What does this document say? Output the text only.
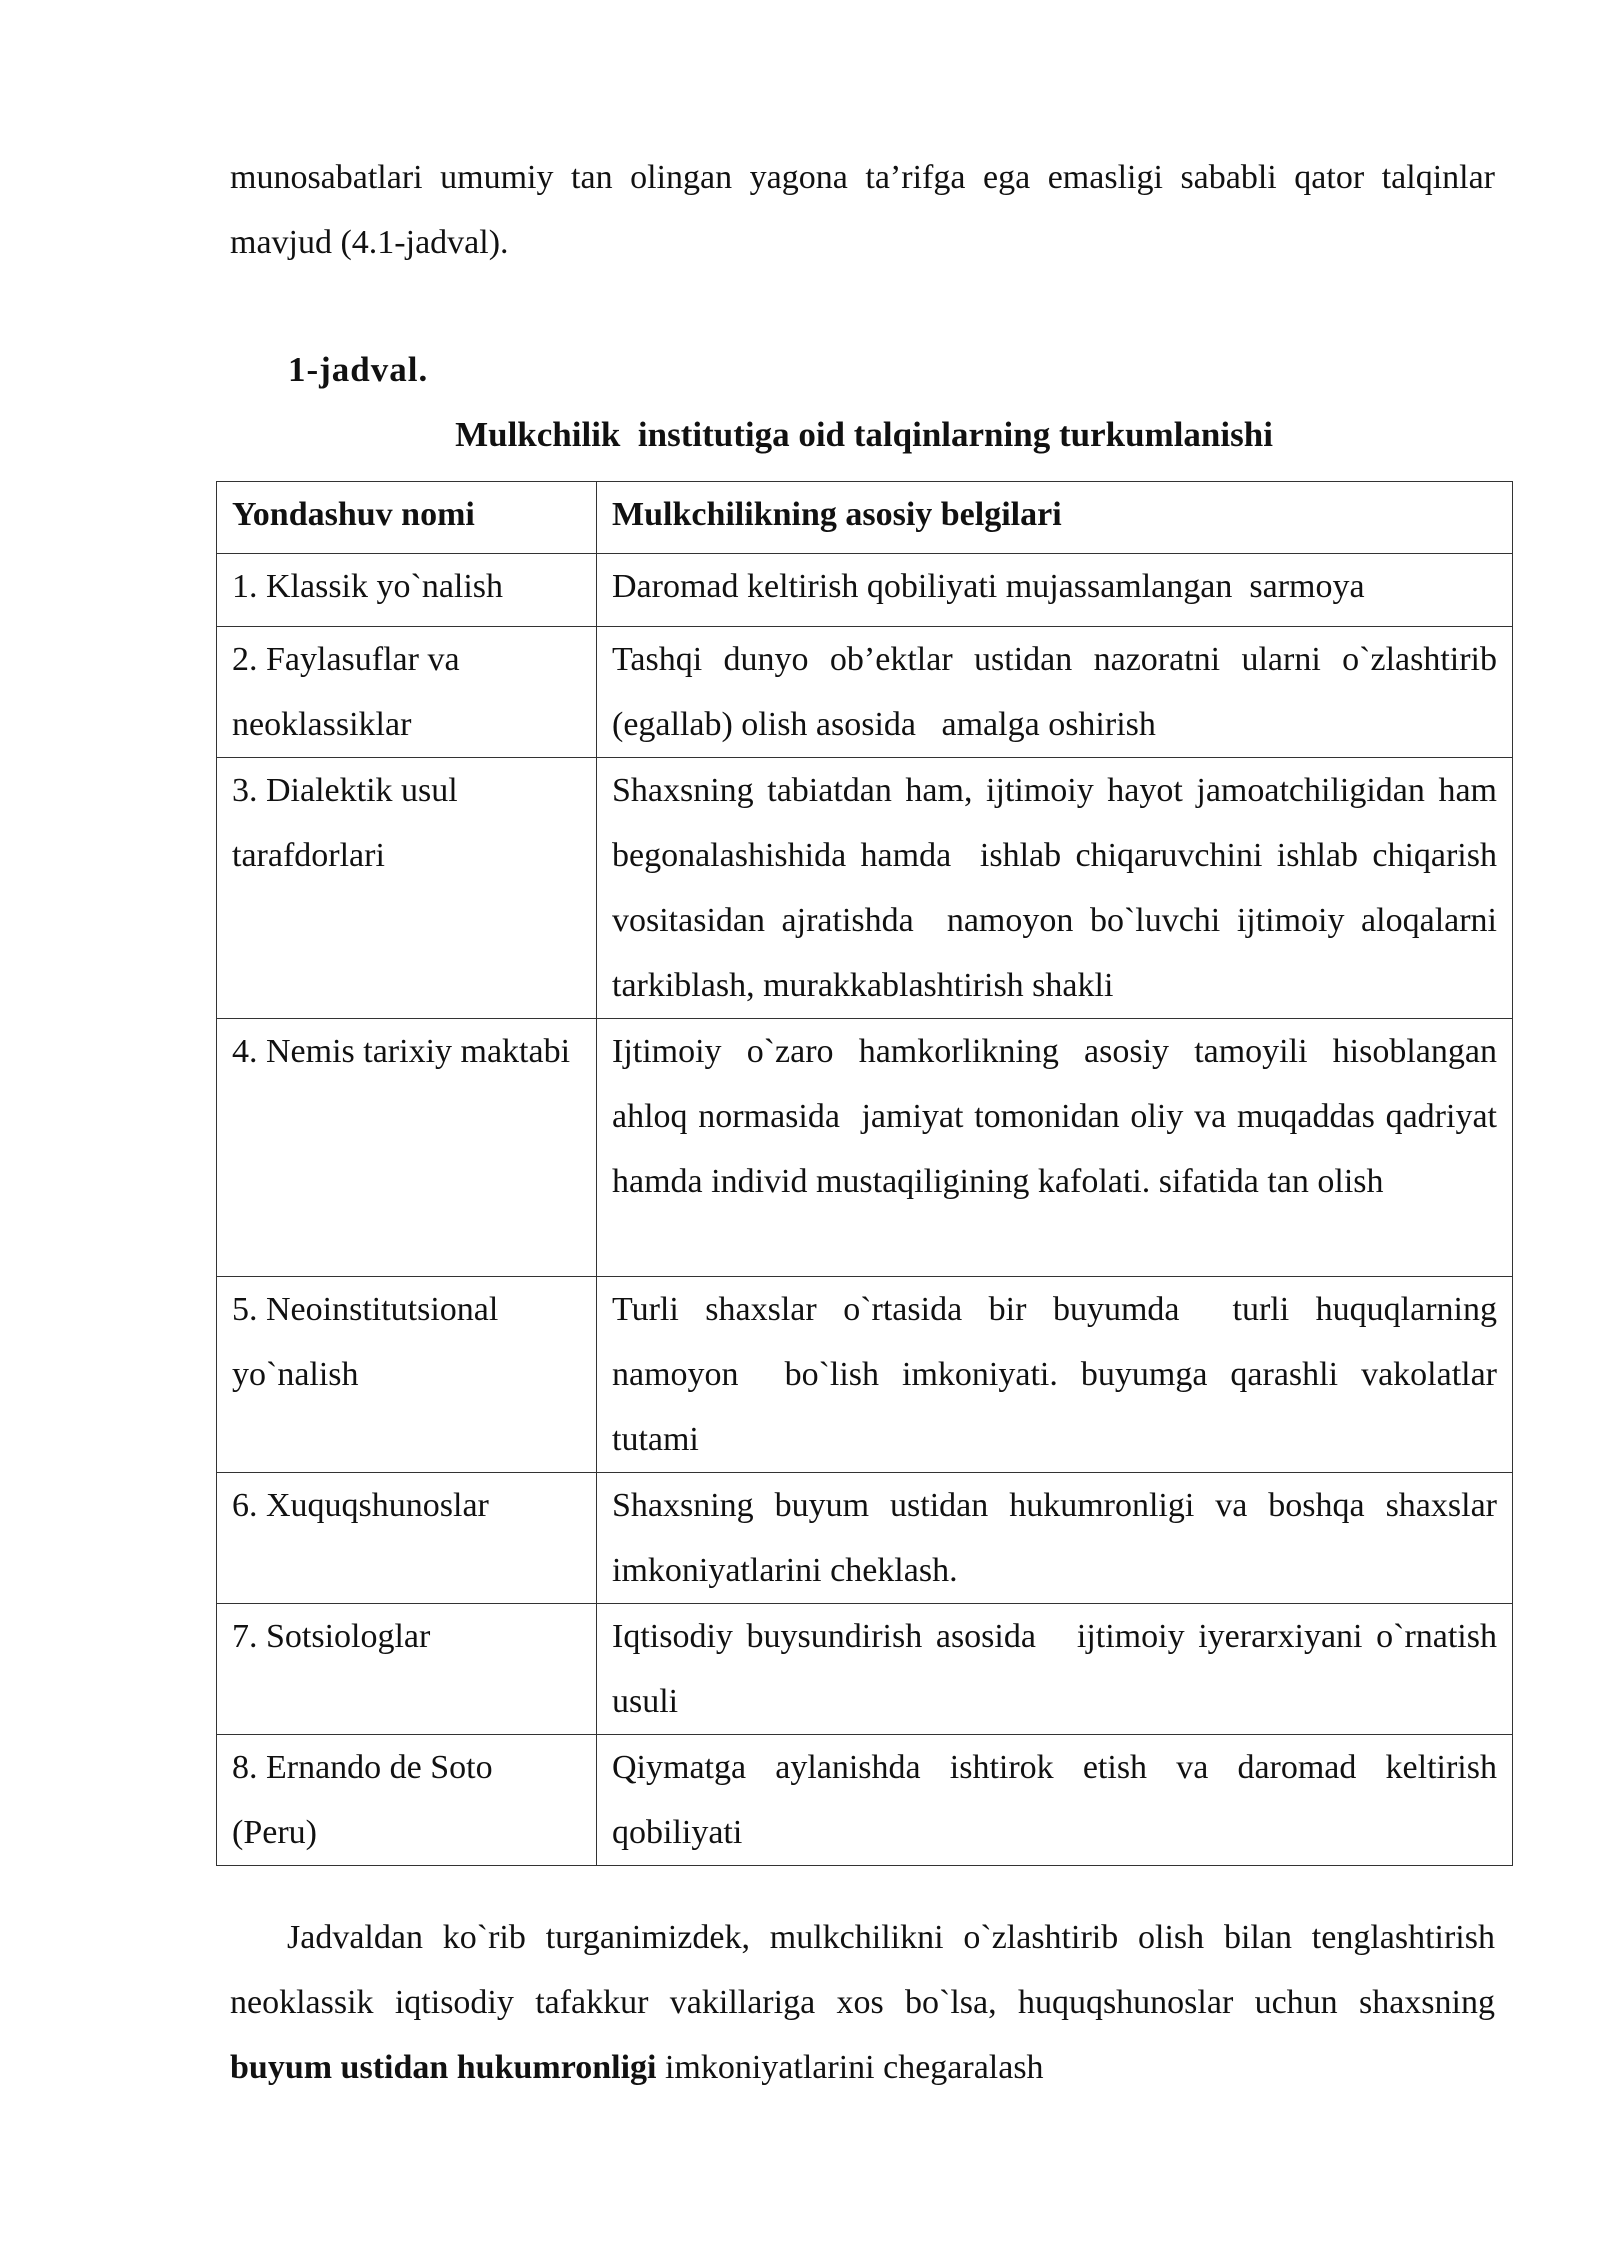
munosabatlari umumiy tan olingan yagona ta’rifga ega emasligi sababli qator talqinlar mavjud (4.1-jadval).

1-jadval.
Mulkchilik  institutiga oid talqinlarning turkumlanishi
Yondashuv nomi	Mulkchilikning asosiy belgilari
1. Klassik yo`nalish	Daromad keltirish qobiliyati mujassamlangan  sarmoya
2. Faylasuflar va neoklassiklar	Tashqi dunyo ob’ektlar ustidan nazoratni ularni o`zlashtirib (egallab) olish asosida   amalga oshirish
3. Dialektik usul tarafdorlari	Shaxsning tabiatdan ham, ijtimoiy hayot jamoatchiligidan ham begonalashishida hamda  ishlab chiqaruvchini ishlab chiqarish vositasidan ajratishda  namoyon bo`luvchi ijtimoiy aloqalarni tarkiblash, murakkablashtirish shakli
4. Nemis tarixiy maktabi	Ijtimoiy o`zaro hamkorlikning asosiy tamoyili hisoblangan ahloq normasida  jamiyat tomonidan oliy va muqaddas qadriyat  hamda individ mustaqiligining kafolati. sifatida tan olish
5. Neoinstitutsional yo`nalish	Turli shaxslar o`rtasida bir buyumda  turli huquqlarning namoyon  bo`lish imkoniyati. buyumga qarashli vakolatlar tutami
6. Xuquqshunoslar	Shaxsning buyum ustidan hukumronligi va boshqa shaxslar  imkoniyatlarini cheklash.
7. Sotsiologlar	Iqtisodiy buysundirish asosida   ijtimoiy iyerarxiyani o`rnatish usuli
8. Ernando de Soto (Peru)	Qiymatga aylanishda ishtirok etish va daromad keltirish qobiliyati

Jadvaldan ko`rib turganimizdek, mulkchilikni o`zlashtirib olish bilan tenglashtirish neoklassik iqtisodiy tafakkur vakillariga xos bo`lsa, huquqshunoslar uchun shaxsning buyum ustidan hukumronligi imkoniyatlarini chegaralash
